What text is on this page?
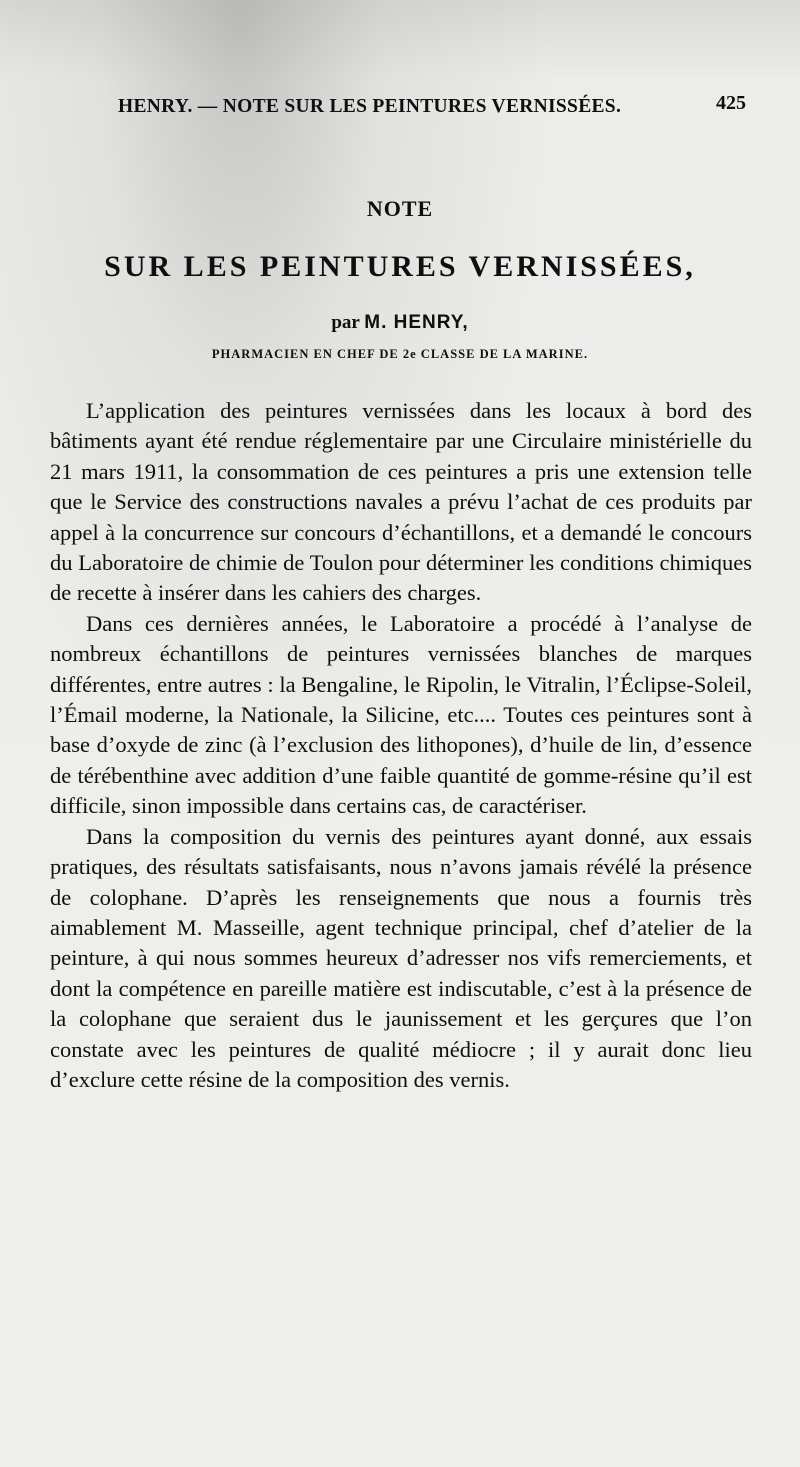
HENRY. — NOTE SUR LES PEINTURES VERNISSÉES.	425
NOTE
SUR LES PEINTURES VERNISSÉES,
par M. HENRY,
PHARMACIEN EN CHEF DE 2e CLASSE DE LA MARINE.

L’application des peintures vernissées dans les locaux à bord des bâtiments ayant été rendue réglementaire par une Circulaire ministérielle du 21 mars 1911, la consommation de ces peintures a pris une extension telle que le Service des constructions navales a prévu l’achat de ces produits par appel à la concurrence sur concours d’échantillons, et a demandé le concours du Laboratoire de chimie de Toulon pour déterminer les conditions chimiques de recette à insérer dans les cahiers des charges.

Dans ces dernières années, le Laboratoire a procédé à l’analyse de nombreux échantillons de peintures vernissées blanches de marques différentes, entre autres : la Bengaline, le Ripolin, le Vitralin, l’Éclipse-Soleil, l’Émail moderne, la Nationale, la Silicine, etc.... Toutes ces peintures sont à base d’oxyde de zinc (à l’exclusion des lithopones), d’huile de lin, d’essence de térébenthine avec addition d’une faible quantité de gomme-résine qu’il est difficile, sinon impossible dans certains cas, de caractériser.

Dans la composition du vernis des peintures ayant donné, aux essais pratiques, des résultats satisfaisants, nous n’avons jamais révélé la présence de colophane. D’après les renseignements que nous a fournis très aimablement M. Masseille, agent technique principal, chef d’atelier de la peinture, à qui nous sommes heureux d’adresser nos vifs remerciements, et dont la compétence en pareille matière est indiscutable, c’est à la présence de la colophane que seraient dus le jaunissement et les gerçures que l’on constate avec les peintures de qualité médiocre ; il y aurait donc lieu d’exclure cette résine de la composition des vernis.
